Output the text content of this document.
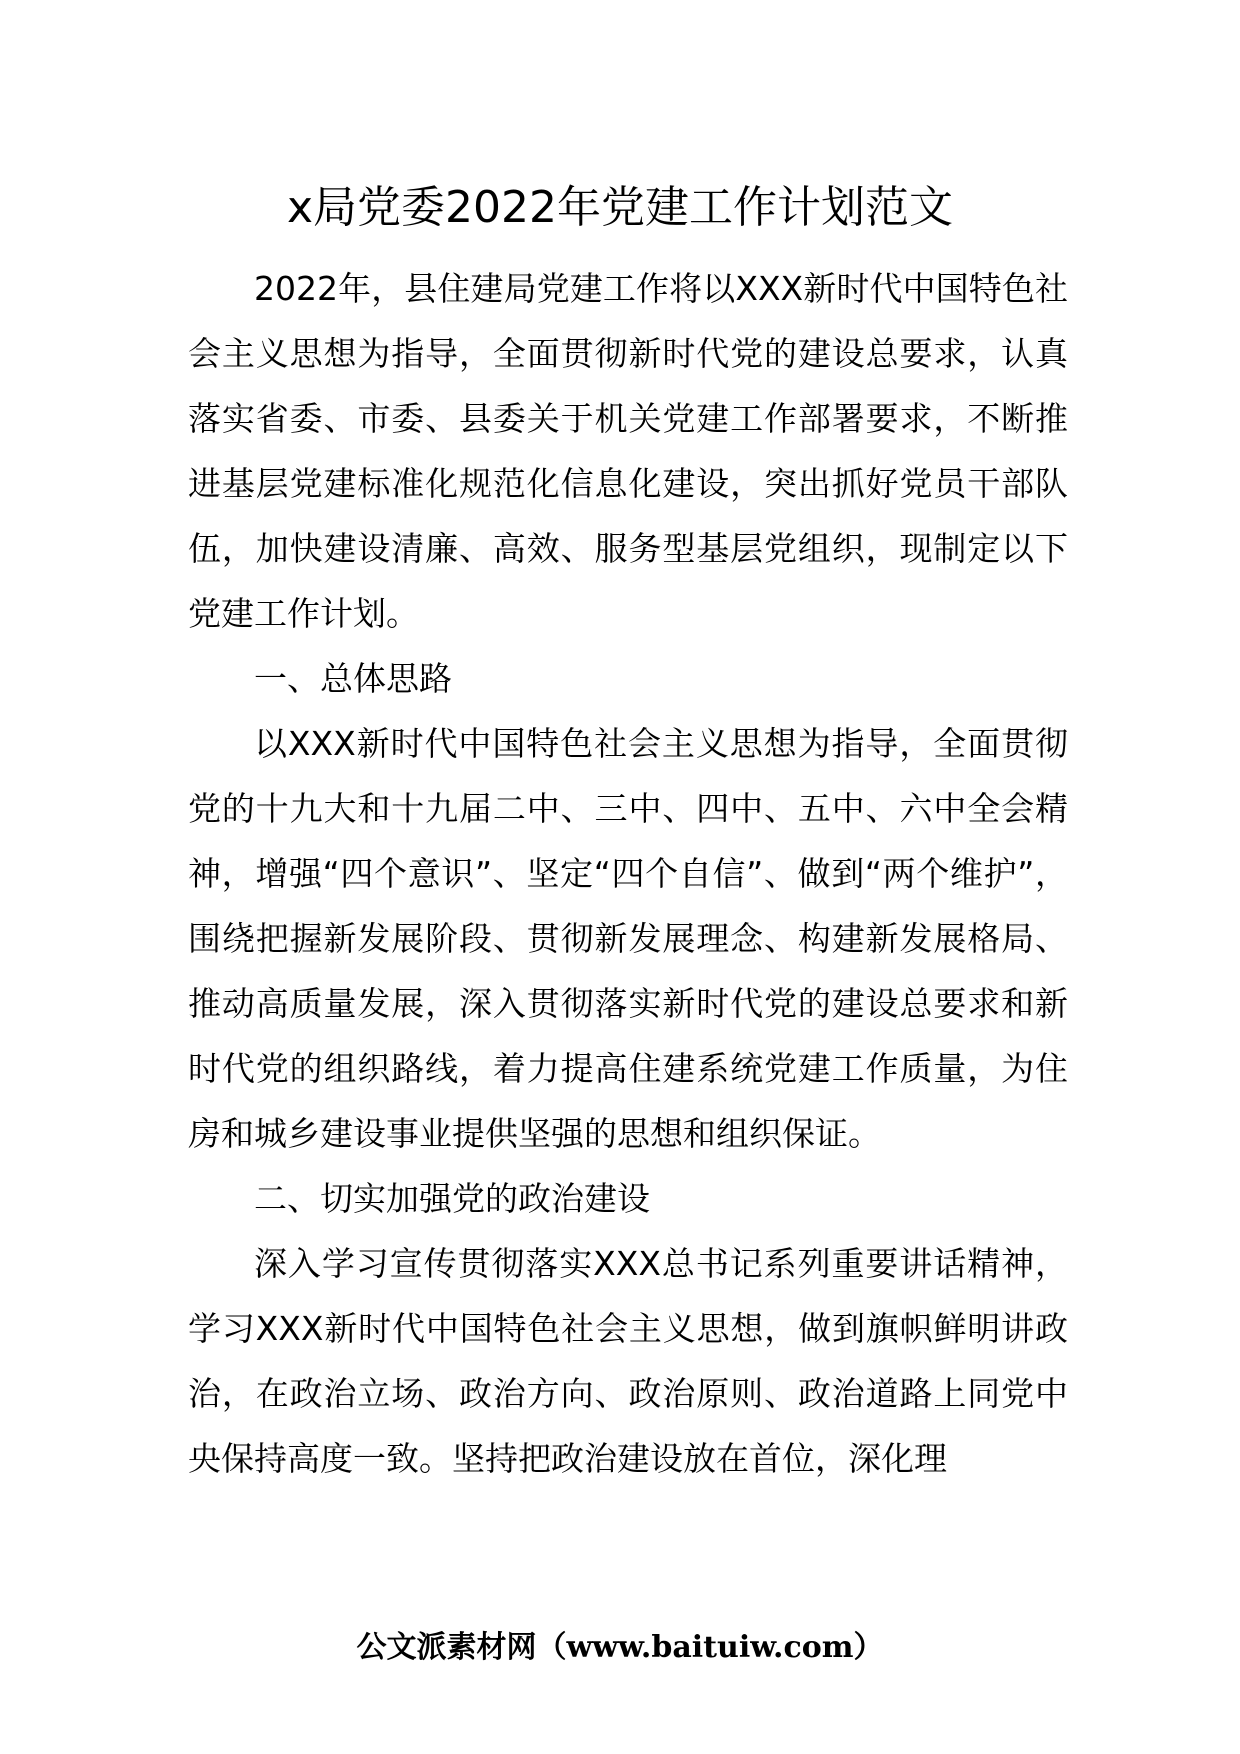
x局党委2022年党建工作计划范文

2022年，县住建局党建工作将以XXX新时代中国特色社会主义思想为指导，全面贯彻新时代党的建设总要求，认真落实省委、市委、县委关于机关党建工作部署要求，不断推进基层党建标准化规范化信息化建设，突出抓好党员干部队伍，加快建设清廉、高效、服务型基层党组织，现制定以下党建工作计划。

一、总体思路

以XXX新时代中国特色社会主义思想为指导，全面贯彻党的十九大和十九届二中、三中、四中、五中、六中全会精神，增强“四个意识”、坚定“四个自信”、做到“两个维护”，围绕把握新发展阶段、贯彻新发展理念、构建新发展格局、推动高质量发展，深入贯彻落实新时代党的建设总要求和新时代党的组织路线，着力提高住建系统党建工作质量，为住房和城乡建设事业提供坚强的思想和组织保证。

二、切实加强党的政治建设

深入学习宣传贯彻落实XXX总书记系列重要讲话精神，学习XXX新时代中国特色社会主义思想，做到旗帜鲜明讲政治，在政治立场、政治方向、政治原则、政治道路上同党中央保持高度一致。坚持把政治建设放在首位，深化理

公文派素材网（www.baituiw.com）
